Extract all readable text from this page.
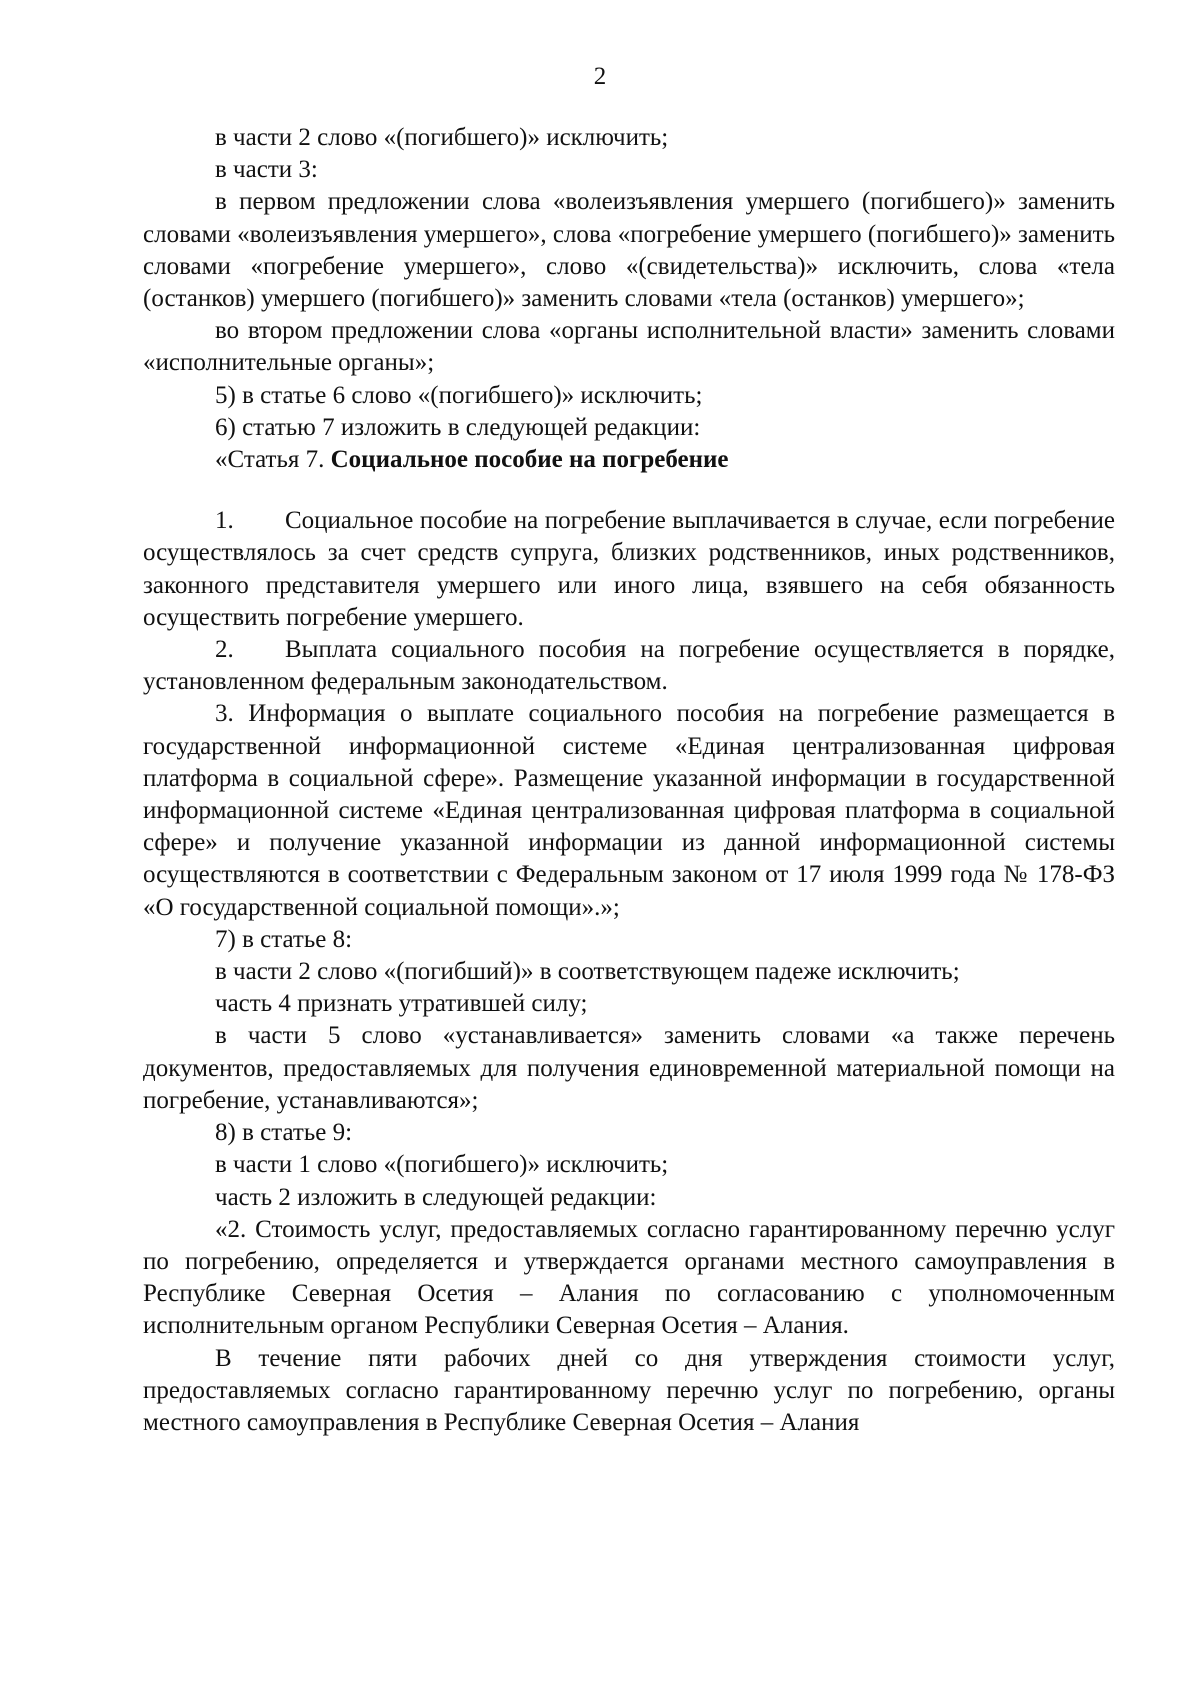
2

в части 2 слово «(погибшего)» исключить;

в части 3:

в первом предложении слова «волеизъявления умершего (погибшего)» заменить словами «волеизъявления умершего», слова «погребение умершего (погибшего)» заменить словами «погребение умершего», слово «(свидетельства)» исключить, слова «тела (останков) умершего (погибшего)» заменить словами «тела (останков) умершего»;

во втором предложении слова «органы исполнительной власти» заменить словами «исполнительные органы»;

5) в статье 6 слово «(погибшего)» исключить;

6) статью 7 изложить в следующей редакции:

«Статья 7. Социальное пособие на погребение

1. Социальное пособие на погребение выплачивается в случае, если погребение осуществлялось за счет средств супруга, близких родственников, иных родственников, законного представителя умершего или иного лица, взявшего на себя обязанность осуществить погребение умершего.

2. Выплата социального пособия на погребение осуществляется в порядке, установленном федеральным законодательством.

3. Информация о выплате социального пособия на погребение размещается в государственной информационной системе «Единая централизованная цифровая платформа в социальной сфере». Размещение указанной информации в государственной информационной системе «Единая централизованная цифровая платформа в социальной сфере» и получение указанной информации из данной информационной системы осуществляются в соответствии с Федеральным законом от 17 июля 1999 года № 178-ФЗ «О государственной социальной помощи».»;

7) в статье 8:

в части 2 слово «(погибший)» в соответствующем падеже исключить;

часть 4 признать утратившей силу;

в части 5 слово «устанавливается» заменить словами «а также перечень документов, предоставляемых для получения единовременной материальной помощи на погребение, устанавливаются»;

8) в статье 9:

в части 1 слово «(погибшего)» исключить;

часть 2 изложить в следующей редакции:

«2. Стоимость услуг, предоставляемых согласно гарантированному перечню услуг по погребению, определяется и утверждается органами местного самоуправления в Республике Северная Осетия – Алания по согласованию с уполномоченным исполнительным органом Республики Северная Осетия – Алания.

В течение пяти рабочих дней со дня утверждения стоимости услуг, предоставляемых согласно гарантированному перечню услуг по погребению, органы местного самоуправления в Республике Северная Осетия – Алания
